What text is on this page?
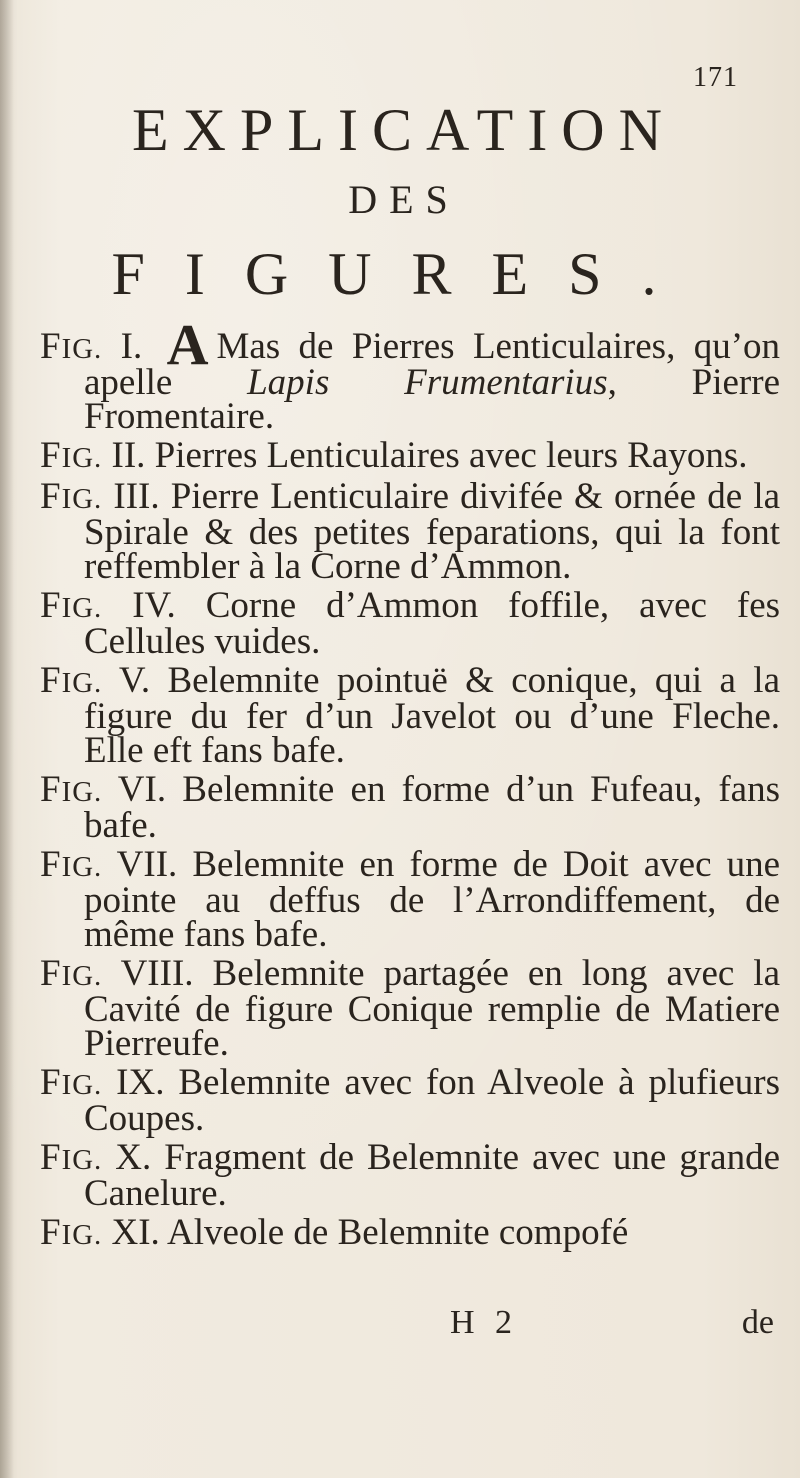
171
EXPLICATION
DES
FIGURES.

FIG. I. A Mas de Pierres Lenticulaires, qu’on apelle Lapis Frumentarius, Pierre Fromentaire.

FIG. II. Pierres Lenticulaires avec leurs Rayons.

FIG. III. Pierre Lenticulaire divifée & ornée de la Spirale & des petites feparations, qui la font reffembler à la Corne d’Ammon.

FIG. IV. Corne d’Ammon foffile, avec fes Cellules vuides.

FIG. V. Belemnite pointuë & conique, qui a la figure du fer d’un Javelot ou d’une Fleche. Elle eft fans bafe.

FIG. VI. Belemnite en forme d’un Fufeau, fans bafe.

FIG. VII. Belemnite en forme de Doit avec une pointe au deffus de l’Arrondiffement, de même fans bafe.

FIG. VIII. Belemnite partagée en long avec la Cavité de figure Conique remplie de Matiere Pierreufe.

FIG. IX. Belemnite avec fon Alveole à plufieurs Coupes.

FIG. X. Fragment de Belemnite avec une grande Canelure.

FIG. XI. Alveole de Belemnite compofé

H 2	de
